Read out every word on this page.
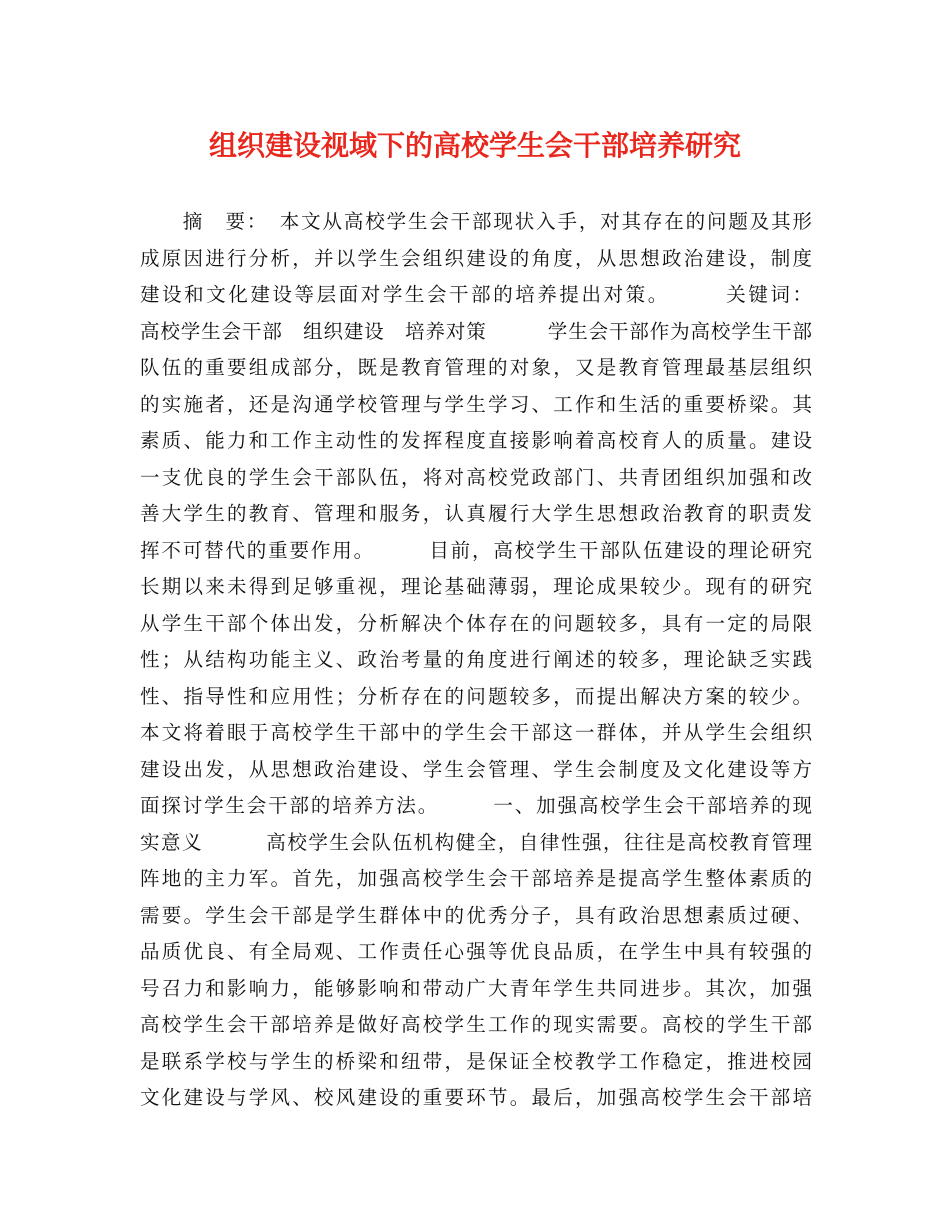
组织建设视域下的高校学生会干部培养研究
　　摘　要：　本文从高校学生会干部现状入手，对其存在的问题及其形
成原因进行分析，并以学生会组织建设的角度，从思想政治建设，制度
建设和文化建设等层面对学生会干部的培养提出对策。　　　关键词：
高校学生会干部　组织建设　培养对策　　　学生会干部作为高校学生干部
队伍的重要组成部分，既是教育管理的对象，又是教育管理最基层组织
的实施者，还是沟通学校管理与学生学习、工作和生活的重要桥梁。其
素质、能力和工作主动性的发挥程度直接影响着高校育人的质量。建设
一支优良的学生会干部队伍，将对高校党政部门、共青团组织加强和改
善大学生的教育、管理和服务，认真履行大学生思想政治教育的职责发
挥不可替代的重要作用。　　　目前，高校学生干部队伍建设的理论研究
长期以来未得到足够重视，理论基础薄弱，理论成果较少。现有的研究
从学生干部个体出发，分析解决个体存在的问题较多，具有一定的局限
性；从结构功能主义、政治考量的角度进行阐述的较多，理论缺乏实践
性、指导性和应用性；分析存在的问题较多，而提出解决方案的较少。
本文将着眼于高校学生干部中的学生会干部这一群体，并从学生会组织
建设出发，从思想政治建设、学生会管理、学生会制度及文化建设等方
面探讨学生会干部的培养方法。　　　一、加强高校学生会干部培养的现
实意义　　　高校学生会队伍机构健全，自律性强，往往是高校教育管理
阵地的主力军。首先，加强高校学生会干部培养是提高学生整体素质的
需要。学生会干部是学生群体中的优秀分子，具有政治思想素质过硬、
品质优良、有全局观、工作责任心强等优良品质，在学生中具有较强的
号召力和影响力，能够影响和带动广大青年学生共同进步。其次，加强
高校学生会干部培养是做好高校学生工作的现实需要。高校的学生干部
是联系学校与学生的桥梁和纽带，是保证全校教学工作稳定，推进校园
文化建设与学风、校风建设的重要环节。最后，加强高校学生会干部培
